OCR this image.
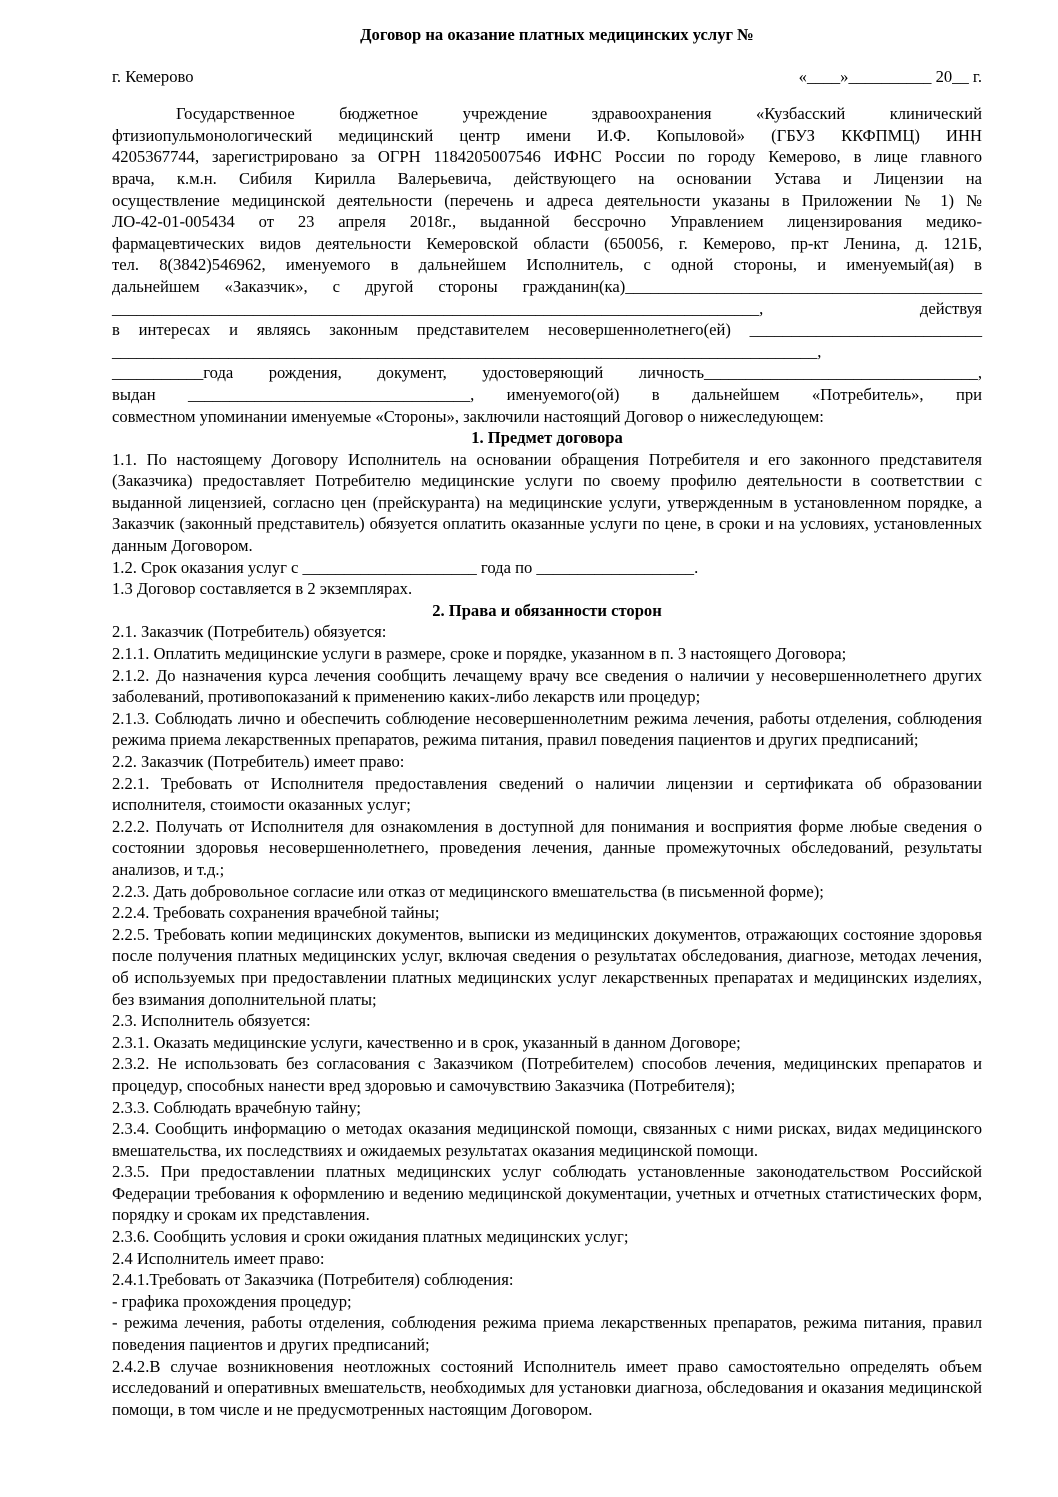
Договор на оказание платных медицинских услуг №
г. Кемерово	«____»__________ 20__ г.

Государственное бюджетное учреждение здравоохранения «Кузбасский клинический

фтизиопульмонологический медицинский центр имени И.Ф. Копыловой» (ГБУЗ ККФПМЦ) ИНН

4205367744, зарегистрировано за ОГРН 1184205007546 ИФНС России по городу Кемерово, в лице главного

врача, к.м.н. Сибиля Кирилла Валерьевича, действующего на основании Устава и Лицензии на

осуществление медицинской деятельности (перечень и адреса деятельности указаны в Приложении № 1) №

ЛО-42-01-005434 от 23 апреля 2018г., выданной бессрочно Управлением лицензирования медико-

фармацевтических видов деятельности Кемеровской области (650056, г. Кемерово, пр-кт Ленина, д. 121Б,

тел. 8(3842)546962, именуемого в дальнейшем Исполнитель, с одной стороны, и именуемый(ая) в

дальнейшем «Заказчик», с другой стороны гражданин(ка)___________________________________________

______________________________________________________________________________, действуя

в интересах и являясь законным представителем несовершеннолетнего(ей) ____________________________

_____________________________________________________________________________________,

___________года рождения, документ, удостоверяющий личность_________________________________,

выдан __________________________________, именуемого(ой) в дальнейшем «Потребитель», при

совместном упоминании именуемые «Стороны», заключили настоящий Договор о нижеследующем:

1. Предмет договора

1.1. По настоящему Договору Исполнитель на основании обращения Потребителя и его законного представителя (Заказчика) предоставляет Потребителю медицинские услуги по своему профилю деятельности в соответствии с выданной лицензией, согласно цен (прейскуранта) на медицинские услуги, утвержденным в установленном порядке, а Заказчик (законный представитель) обязуется оплатить оказанные услуги по цене, в сроки и на условиях, установленных данным Договором.

1.2. Срок оказания услуг с _____________________ года по ___________________.

1.3 Договор составляется в 2 экземплярах.

2. Права и обязанности сторон

2.1. Заказчик (Потребитель) обязуется:

2.1.1. Оплатить медицинские услуги в размере, сроке и порядке, указанном в п. 3 настоящего Договора;

2.1.2. До назначения курса лечения сообщить лечащему врачу все сведения о наличии у несовершеннолетнего других заболеваний, противопоказаний к применению каких-либо лекарств или процедур;

2.1.3. Соблюдать лично и обеспечить соблюдение несовершеннолетним режима лечения, работы отделения, соблюдения режима приема лекарственных препаратов, режима питания, правил поведения пациентов и других предписаний;

2.2. Заказчик (Потребитель) имеет право:

2.2.1. Требовать от Исполнителя предоставления сведений о наличии лицензии и сертификата об образовании исполнителя, стоимости оказанных услуг;

2.2.2. Получать от Исполнителя для ознакомления в доступной для понимания и восприятия форме любые сведения о состоянии здоровья несовершеннолетнего, проведения лечения, данные промежуточных обследований, результаты анализов, и т.д.;

2.2.3. Дать добровольное согласие или отказ от медицинского вмешательства (в письменной форме);

2.2.4. Требовать сохранения врачебной тайны;

2.2.5. Требовать копии медицинских документов, выписки из медицинских документов, отражающих состояние здоровья после получения платных медицинских услуг, включая сведения о результатах обследования, диагнозе, методах лечения, об используемых при предоставлении платных медицинских услуг лекарственных препаратах и медицинских изделиях, без взимания дополнительной платы;

2.3. Исполнитель обязуется:

2.3.1. Оказать медицинские услуги, качественно и в срок, указанный в данном Договоре;

2.3.2. Не использовать без согласования с Заказчиком (Потребителем) способов лечения, медицинских препаратов и процедур, способных нанести вред здоровью и самочувствию Заказчика (Потребителя);

2.3.3. Соблюдать врачебную тайну;

2.3.4. Сообщить информацию о методах оказания медицинской помощи, связанных с ними рисках, видах медицинского вмешательства, их последствиях и ожидаемых результатах оказания медицинской помощи.

2.3.5. При предоставлении платных медицинских услуг соблюдать установленные законодательством Российской Федерации требования к оформлению и ведению медицинской документации, учетных и отчетных статистических форм, порядку и срокам их представления.

2.3.6. Сообщить условия и сроки ожидания платных медицинских услуг;

2.4 Исполнитель имеет право:

2.4.1.Требовать от Заказчика (Потребителя) соблюдения:

- графика прохождения процедур;

- режима лечения, работы отделения, соблюдения режима приема лекарственных препаратов, режима питания, правил поведения пациентов и других предписаний;

2.4.2.В случае возникновения неотложных состояний Исполнитель имеет право самостоятельно определять объем исследований и оперативных вмешательств, необходимых для установки диагноза, обследования и оказания медицинской помощи, в том числе и не предусмотренных настоящим Договором.
